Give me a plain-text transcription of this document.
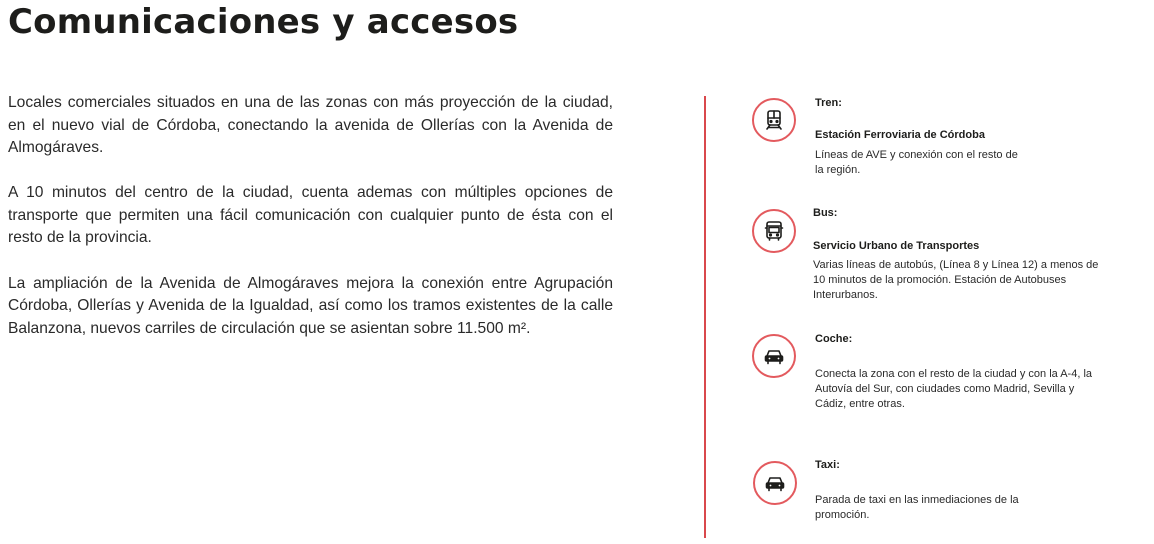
Comunicaciones y accesos

Locales comerciales situados en una de las zonas con más proyección de la ciudad, en el nuevo vial de Córdoba, conectando la avenida de Ollerías con la Avenida de Almogáraves.

A 10 minutos del centro de la ciudad, cuenta ademas con múltiples opciones de transporte que permiten una fácil comunicación con cualquier punto de ésta con el resto de la provincia.

La ampliación de la Avenida de Almogáraves mejora la conexión entre Agrupación Córdoba, Ollerías y Avenida de la Igualdad, así como los tramos existentes de la calle Balanzona, nuevos carriles de circulación que se asientan sobre 11.500 m².

Tren:
Estación Ferroviaria de Córdoba
Líneas de AVE y conexión con el resto de la región.
Bus:
Servicio Urbano de Transportes
Varias líneas de autobús, (Línea 8 y Línea 12) a menos de 10 minutos de la promoción. Estación de Autobuses Interurbanos.
Coche:
Conecta la zona con el resto de la ciudad y con la A-4, la Autovía del Sur, con ciudades como Madrid, Sevilla y Cádiz, entre otras.
Taxi:
Parada de taxi en las inmediaciones de la promoción.
